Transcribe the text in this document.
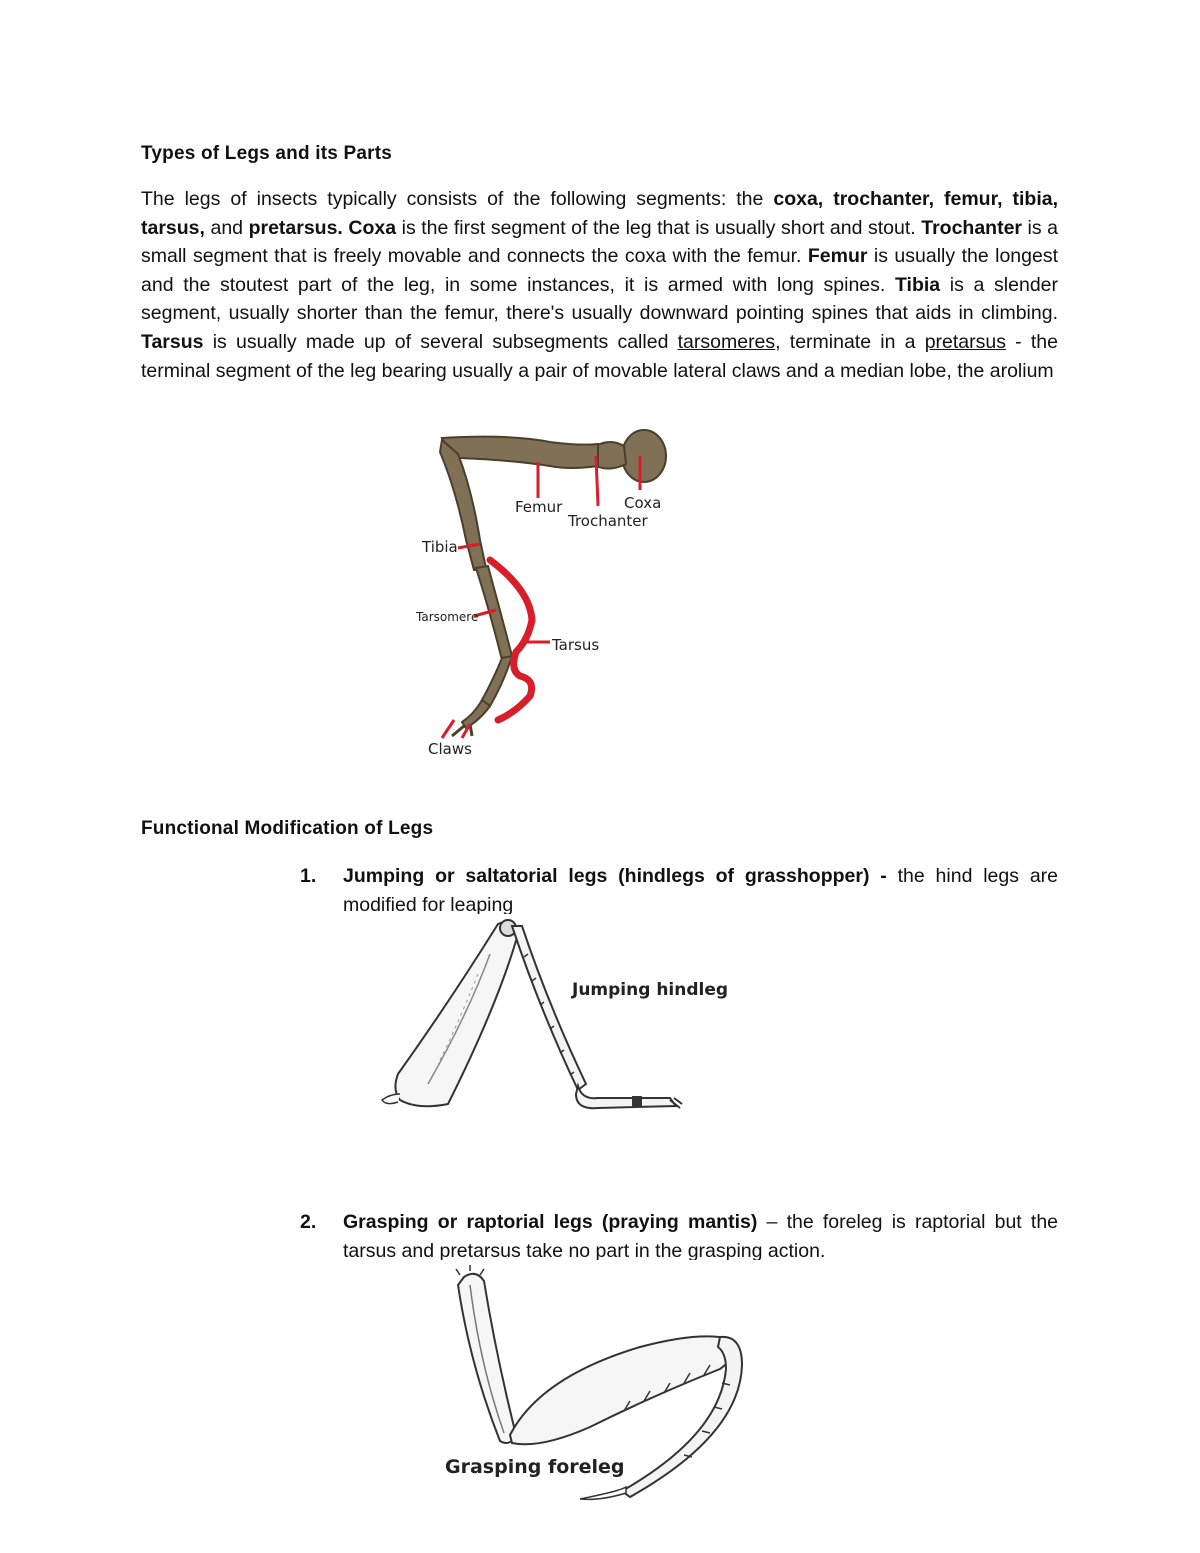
Types of Legs and its Parts

The legs of insects typically consists of the following segments: the coxa, trochanter, femur, tibia, tarsus, and pretarsus. Coxa is the first segment of the leg that is usually short and stout. Trochanter is a small segment that is freely movable and connects the coxa with the femur. Femur is usually the longest and the stoutest part of the leg, in some instances, it is armed with long spines. Tibia is a slender segment, usually shorter than the femur, there's usually downward pointing spines that aids in climbing. Tarsus is usually made up of several subsegments called tarsomeres, terminate in a pretarsus - the terminal segment of the leg bearing usually a pair of movable lateral claws and a median lobe, the arolium

Femur	Coxa
Trochanter
Tibia
Tarsomere
Tarsus
Claws
Functional Modification of Legs
1. Jumping or saltatorial legs (hindlegs of grasshopper) - the hind legs are modified for leaping
Jumping hindleg
2. Grasping or raptorial legs (praying mantis) – the foreleg is raptorial but the tarsus and pretarsus take no part in the grasping action.
Grasping foreleg
